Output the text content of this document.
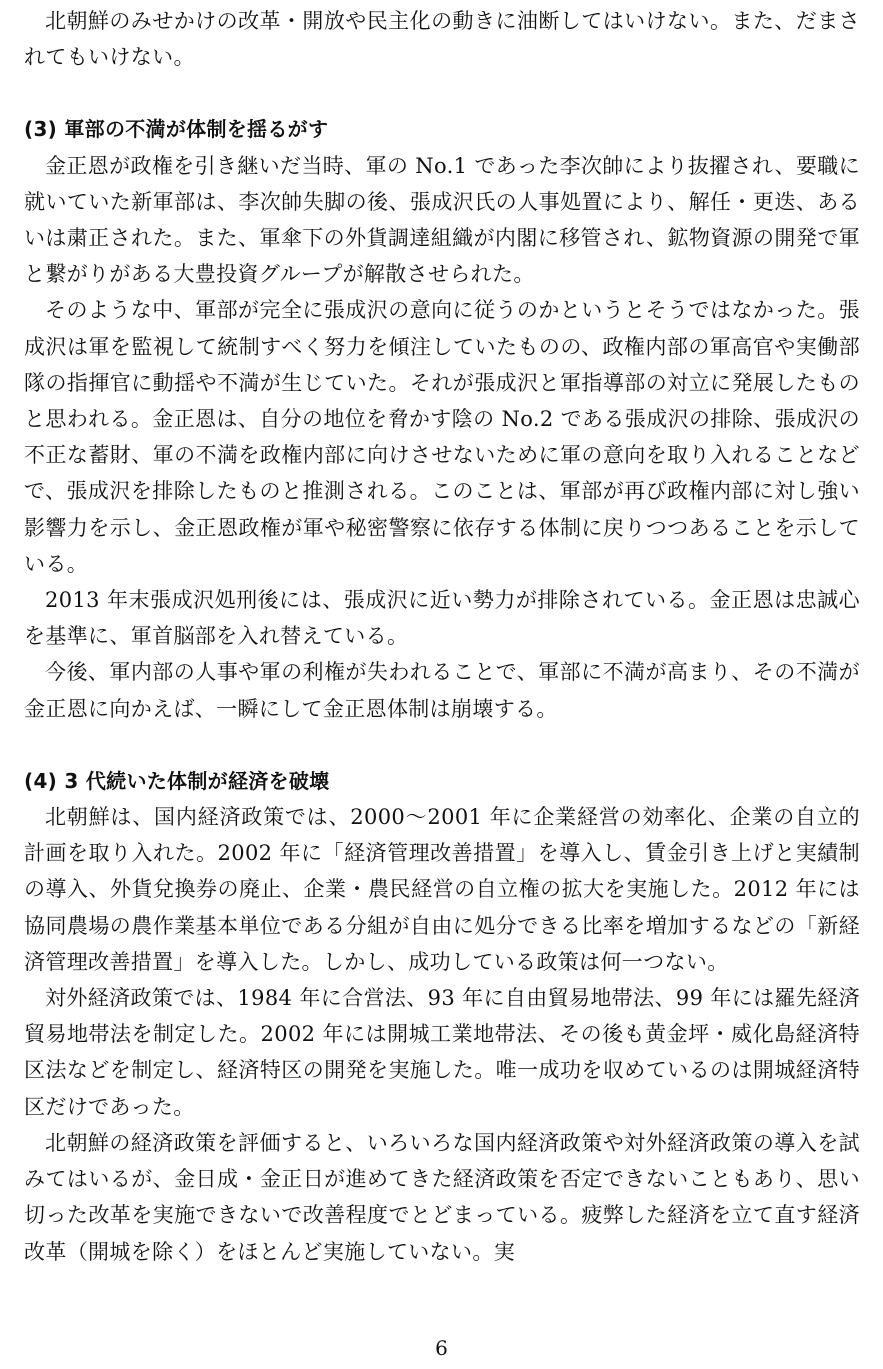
北朝鮮のみせかけの改革・開放や民主化の動きに油断してはいけない。また、だまされてもいけない。

(3) 軍部の不満が体制を揺るがす

金正恩が政権を引き継いだ当時、軍の No.1 であった李次帥により抜擢され、要職に就いていた新軍部は、李次帥失脚の後、張成沢氏の人事処置により、解任・更迭、あるいは粛正された。また、軍傘下の外貨調達組織が内閣に移管され、鉱物資源の開発で軍と繋がりがある大豊投資グループが解散させられた。

そのような中、軍部が完全に張成沢の意向に従うのかというとそうではなかった。張成沢は軍を監視して統制すべく努力を傾注していたものの、政権内部の軍高官や実働部隊の指揮官に動揺や不満が生じていた。それが張成沢と軍指導部の対立に発展したものと思われる。金正恩は、自分の地位を脅かす陰の No.2 である張成沢の排除、張成沢の不正な蓄財、軍の不満を政権内部に向けさせないために軍の意向を取り入れることなどで、張成沢を排除したものと推測される。このことは、軍部が再び政権内部に対し強い影響力を示し、金正恩政権が軍や秘密警察に依存する体制に戻りつつあることを示している。

2013 年末張成沢処刑後には、張成沢に近い勢力が排除されている。金正恩は忠誠心を基準に、軍首脳部を入れ替えている。

今後、軍内部の人事や軍の利権が失われることで、軍部に不満が高まり、その不満が金正恩に向かえば、一瞬にして金正恩体制は崩壊する。

(4) 3 代続いた体制が経済を破壊

北朝鮮は、国内経済政策では、2000～2001 年に企業経営の効率化、企業の自立的計画を取り入れた。2002 年に「経済管理改善措置」を導入し、賃金引き上げと実績制の導入、外貨兌換券の廃止、企業・農民経営の自立権の拡大を実施した。2012 年には協同農場の農作業基本単位である分組が自由に処分できる比率を増加するなどの「新経済管理改善措置」を導入した。しかし、成功している政策は何一つない。

対外経済政策では、1984 年に合営法、93 年に自由貿易地帯法、99 年には羅先経済貿易地帯法を制定した。2002 年には開城工業地帯法、その後も黄金坪・威化島経済特区法などを制定し、経済特区の開発を実施した。唯一成功を収めているのは開城経済特区だけであった。

北朝鮮の経済政策を評価すると、いろいろな国内経済政策や対外経済政策の導入を試みてはいるが、金日成・金正日が進めてきた経済政策を否定できないこともあり、思い切った改革を実施できないで改善程度でとどまっている。疲弊した経済を立て直す経済改革（開城を除く）をほとんど実施していない。実

6
